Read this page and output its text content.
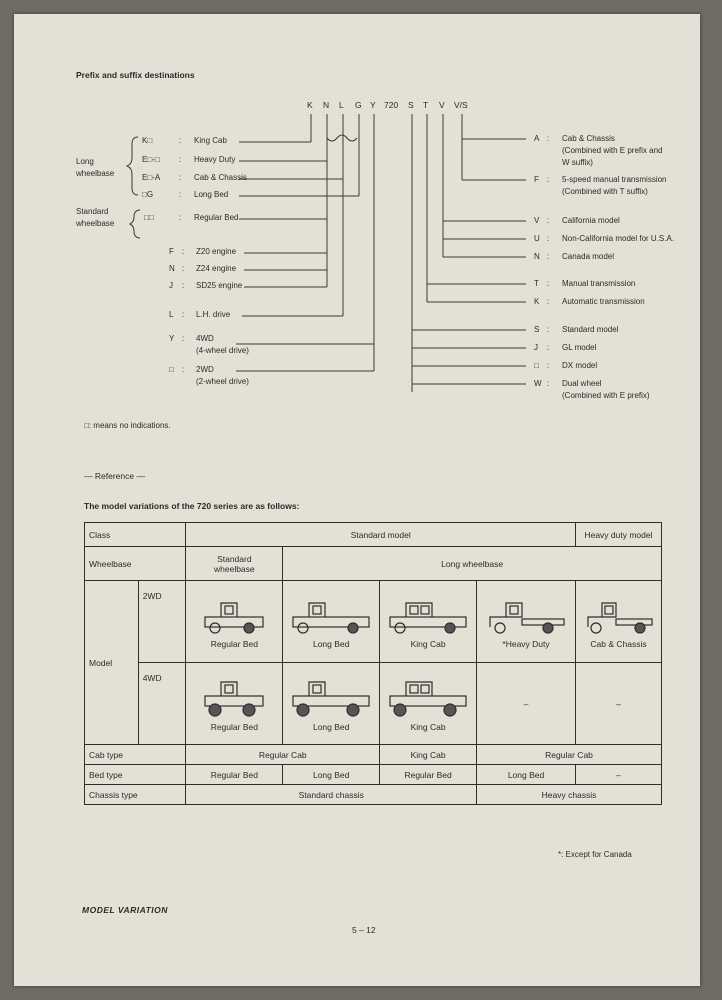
Prefix and suffix destinations
K N L G Y 720 S T V V/S
Long
wheelbase
Standard
wheelbase
K□	: King Cab
E□-□ : Heavy Duty
E□-A : Cab & Chassis
□G	: Long Bed
□□	: Regular Bed
F : Z20 engine
N : Z24 engine
J : SD25 engine
L : L.H. drive
Y : 4WD
(4-wheel drive)
□ : 2WD
(2-wheel drive)
A : Cab & Chassis
(Combined with E prefix and
W suffix)
F : 5-speed manual transmission
(Combined with T suffix)
V : California model
U : Non-California model for U.S.A.
N : Canada model
T : Manual transmission
K : Automatic transmission
S : Standard model
J : GL model
□ : DX model
W : Dual wheel
(Combined with E prefix)
□: means no indications.
— Reference —
The model variations of the 720 series are as follows:
Class		Standard model				Heavy duty model
Wheelbase		Standard
wheelbase	Long wheelbase			
Model	2WD	Regular Bed	Long Bed	King Cab	*Heavy Duty	Cab & Chassis
	4WD	Regular Bed	Long Bed	King Cab	–	–
Cab type		Regular Cab		King Cab	Regular Cab	
Bed type		Regular Bed	Long Bed	Regular Bed	Long Bed	–
Chassis type		Standard chassis			Heavy chassis	
*: Except for Canada
MODEL VARIATION
5 – 12
